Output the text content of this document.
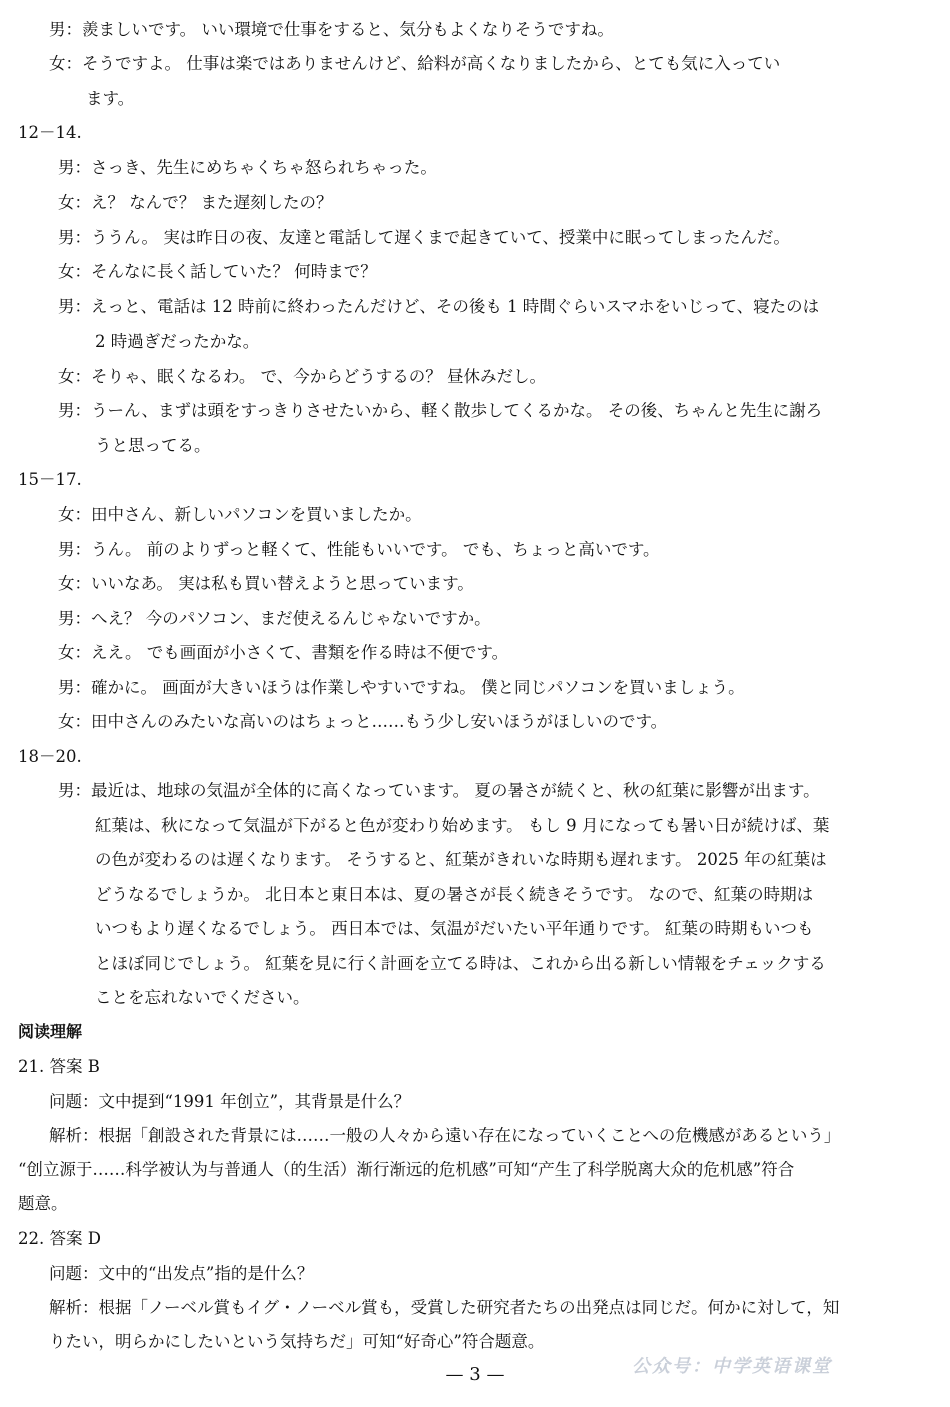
男：羨ましいです。 いい環境で仕事をすると、気分もよくなりそうですね。
女：そうですよ。 仕事は楽ではありませんけど、給料が高くなりましたから、とても気に入ってい
ます。
12－14.
男：さっき、先生にめちゃくちゃ怒られちゃった。
女：え？ なんで？ また遅刻したの？
男：ううん。 実は昨日の夜、友達と電話して遅くまで起きていて、授業中に眠ってしまったんだ。
女：そんなに長く話していた？ 何時まで？
男：えっと、電話は 12 時前に終わったんだけど、その後も 1 時間ぐらいスマホをいじって、寝たのは
2 時過ぎだったかな。
女：そりゃ、眠くなるわ。 で、今からどうするの？ 昼休みだし。
男：うーん、まずは頭をすっきりさせたいから、軽く散歩してくるかな。 その後、ちゃんと先生に謝ろ
うと思ってる。
15－17.
女：田中さん、新しいパソコンを買いましたか。
男：うん。 前のよりずっと軽くて、性能もいいです。 でも、ちょっと高いです。
女：いいなあ。 実は私も買い替えようと思っています。
男：へえ？ 今のパソコン、まだ使えるんじゃないですか。
女：ええ。 でも画面が小さくて、書類を作る時は不便です。
男：確かに。 画面が大きいほうは作業しやすいですね。 僕と同じパソコンを買いましょう。
女：田中さんのみたいな高いのはちょっと……もう少し安いほうがほしいのです。
18－20.
男：最近は、地球の気温が全体的に高くなっています。 夏の暑さが続くと、秋の紅葉に影響が出ます。
紅葉は、秋になって気温が下がると色が変わり始めます。 もし 9 月になっても暑い日が続けば、葉
の色が変わるのは遅くなります。 そうすると、紅葉がきれいな時期も遅れます。 2025 年の紅葉は
どうなるでしょうか。 北日本と東日本は、夏の暑さが長く続きそうです。 なので、紅葉の時期は
いつもより遅くなるでしょう。 西日本では、気温がだいたい平年通りです。 紅葉の時期もいつも
とほぼ同じでしょう。 紅葉を見に行く計画を立てる時は、これから出る新しい情報をチェックする
ことを忘れないでください。
阅读理解
21. 答案 B
问题：文中提到“1991 年创立”，其背景是什么？
解析：根据「創設された背景には……一般の人々から遠い存在になっていくことへの危機感があるという」
“创立源于……科学被认为与普通人（的生活）渐行渐远的危机感”可知“产生了科学脱离大众的危机感”符合
题意。
22. 答案 D
问题：文中的“出发点”指的是什么？
解析：根据「ノーベル賞もイグ・ノーベル賞も，受賞した研究者たちの出発点は同じだ。何かに対して，知
りたい，明らかにしたいという気持ちだ」可知“好奇心”符合题意。
— 3 —	公众号：中学英语课堂
